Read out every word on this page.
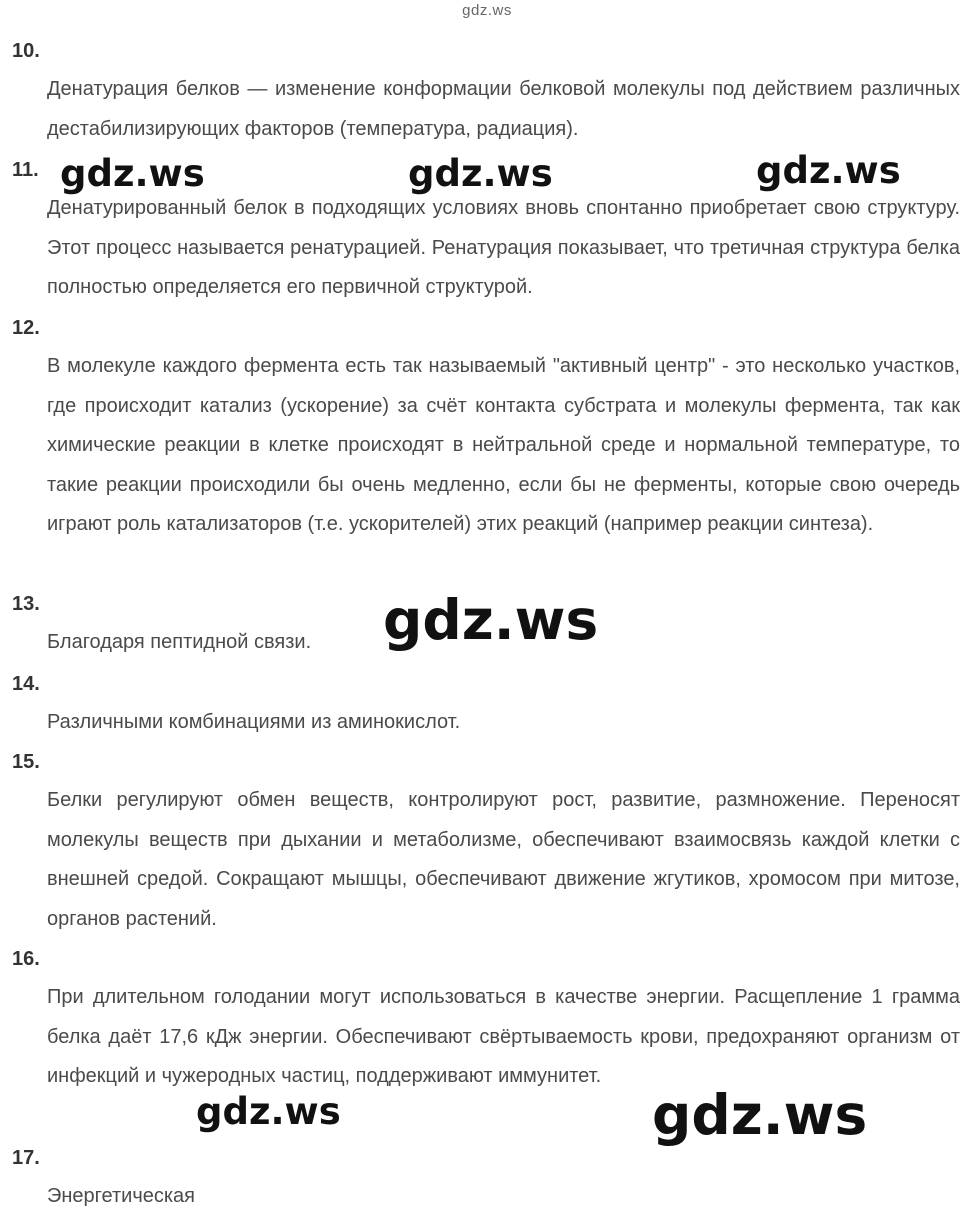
gdz.ws
10.
Денатурация белков — изменение конформации белковой молекулы под действием различных дестабилизирующих факторов (температура, радиация).
11.
Денатурированный белок в подходящих условиях вновь спонтанно приобретает свою структуру. Этот процесс называется ренатурацией. Ренатурация показывает, что третичная структура белка полностью определяется его первичной структурой.
12.
В молекуле каждого фермента есть так называемый "активный центр" - это несколько участков, где происходит катализ (ускорение) за счёт контакта субстрата и молекулы фермента, так как химические реакции в клетке происходят в нейтральной среде и нормальной температуре, то такие реакции происходили бы очень медленно, если бы не ферменты, которые свою очередь играют роль катализаторов (т.е. ускорителей) этих реакций (например реакции синтеза).
13.
Благодаря пептидной связи.
14.
Различными комбинациями из аминокислот.
15.
Белки регулируют обмен веществ, контролируют рост, развитие, размножение. Переносят молекулы веществ при дыхании и метаболизме, обеспечивают взаимосвязь каждой клетки с внешней средой. Сокращают мышцы, обеспечивают движение жгутиков, хромосом при митозе, органов растений.
16.
При длительном голодании могут использоваться в качестве энергии. Расщепление 1 грамма белка даёт 17,6 кДж энергии. Обеспечивают свёртываемость крови, предохраняют организм от инфекций и чужеродных частиц, поддерживают иммунитет.
17.
Энергетическая
gdz.ws	gdz.ws	gdz.ws
gdz.ws
gdz.ws	gdz.ws
